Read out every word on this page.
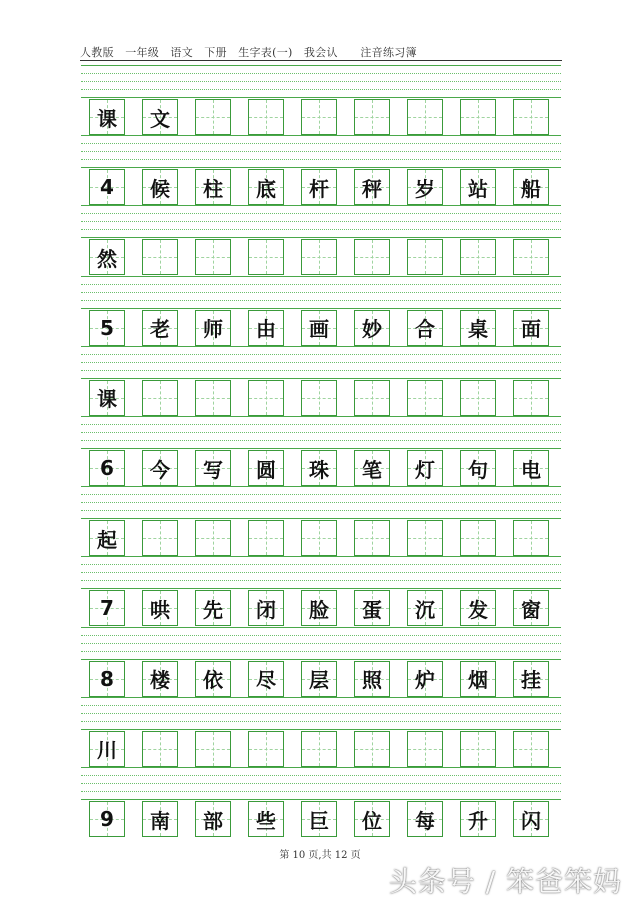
人教版　一年级　语文　下册　生字表(一)　我会认　　注音练习簿
课	文
4	候	柱	底	杆	秤	岁	站	船
然
5	老	师	由	画	妙	合	桌	面
课
6	今	写	圆	珠	笔	灯	句	电
起
7	哄	先	闭	脸	蛋	沉	发	窗
8	楼	依	尽	层	照	炉	烟	挂
川
9	南	部	些	巨	位	每	升	闪
第 10 页,共 12 页
头条号 / 笨爸笨妈
